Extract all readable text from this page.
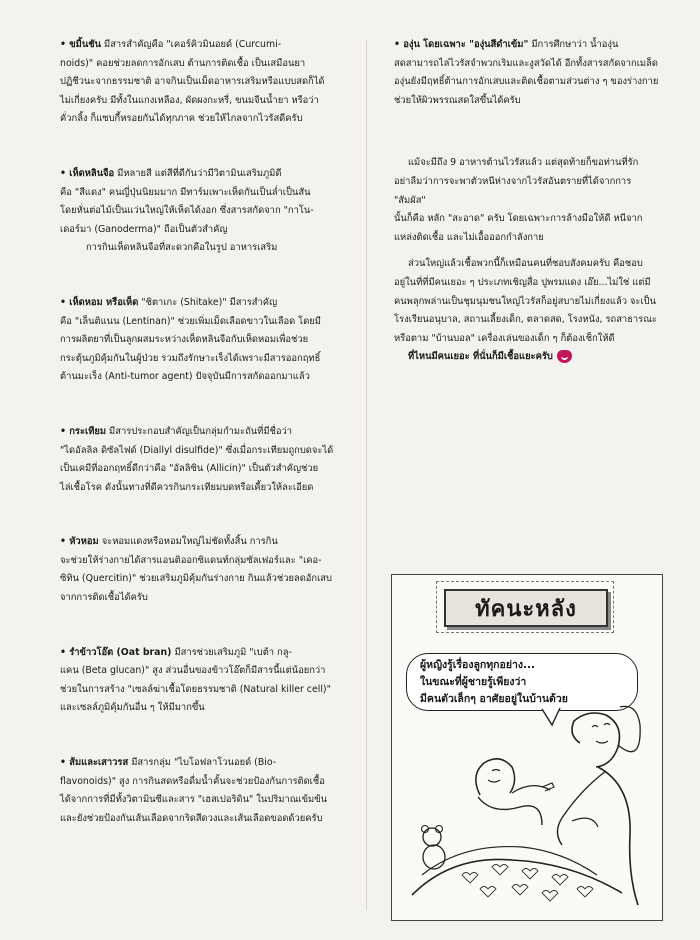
• ขมิ้นชัน มีสารสำคัญคือ "เคอร์คิวมินอยด์ (Curcumi-

noids)" คอยช่วยลดการอักเสบ ต้านการติดเชื้อ เป็นเสมือนยา

ปฏิชีวนะจากธรรมชาติ อาจกินเป็นเม็ดอาหารเสริมหรือแบบสดก็ได้

ไม่เกี่ยงครับ มีทั้งในแกงเหลือง, ผัดผงกะหรี่, ขนมจีนน้ำยา หรือว่า

คั่วกลิ้ง ก็แซบกี้หรอยกันได้ทุกภาค ช่วยให้ไกลจากไวรัสดีครับ

• เห็ดหลินจือ มีหลายสี แต่สีที่ดีกันว่ามีวิตามินเสริมภูมิดี

คือ "สีแดง" คนญี่ปุ่นนิยมมาก มีทาร์มเพาะเห็ดกันเป็นล่ำเป็นสัน

โดยหั่นต่อไม้เป็นแว่นใหญ่ให้เห็ดได้งอก ซึ่งสารสกัดจาก "กาโน-

เดอร์มา (Ganoderma)" ถือเป็นตัวสำคัญ

การกินเห็ดหลินจือที่สะดวกคือในรูป อาหารเสริม

• เห็ดหอม หรือเห็ด "ชิตาเกะ (Shitake)" มีสารสำคัญ

คือ "เล็นติแนน (Lentinan)" ช่วยเพิ่มเม็ดเลือดขาวในเลือด โดยมี

การผลิตยาที่เป็นลูกผสมระหว่างเห็ดหลินจือกับเห็ดหอมเพื่อช่วย

กระตุ้นภูมิคุ้มกันในผู้ป่วย รวมถึงรักษาะเร็งได้เพราะมีสารออกฤทธิ์

ต้านมะเร็ง (Anti-tumor agent) ปัจจุบันมีการสกัดออกมาแล้ว

• กระเทียม มีสารประกอบสำคัญเป็นกลุ่มกำมะถันที่มีชื่อว่า

"ไดอัลลิล ดิซัลไฟด์ (Diallyl disulfide)" ซึ่งเมื่อกระเทียมถูกบดจะได้

เป็นเคมีที่ออกฤทธิ์ดีกว่าคือ "อัลลิซิน (Allicin)" เป็นตัวสำคัญช่วย

ไล่เชื้อโรค ดังนั้นทางที่ดีควรกินกระเทียมบดหรือเคี้ยวให้ละเอียด

• หัวหอม จะหอมแดงหรือหอมใหญ่ไม่ชัดทั้งสิ้น การกิน

จะช่วยให้ร่างกายได้สารแอนติออกซิแดนท์กลุ่มซัลเฟอร์และ "เคอ-

ซิทิน (Quercitin)" ช่วยเสริมภูมิคุ้มกันร่างกาย กินแล้วช่วยลดอักเสบ

จากการติดเชื้อได้ครับ

• รำข้าวโอ๊ต (Oat bran) มีสารช่วยเสริมภูมิ "เบต้า กลู-

แคน (Beta glucan)" สูง ส่วนอื่นของข้าวโอ๊ตก็มีสารนี้แต่น้อยกว่า

ช่วยในการสร้าง "เซลล์ฆ่าเชื้อโดยธรรมชาติ (Natural killer cell)"

และเซลล์ภูมิคุ้มกันอื่น ๆ ให้มีมากขึ้น

• ส้มและเสาวรส มีสารกลุ่ม "ไบโอฟลาโวนอยด์ (Bio-

flavonoids)" สูง การกินสดหรือดื่มน้ำคั้นจะช่วยป้องกันการติดเชื้อ

ได้จากการที่มีทั้งวิตามินซีและสาร "เฮสเปอริดิน" ในปริมาณเข้มข้น

และยังช่วยป้องกันเส้นเลือดจากริดสีดวงและเส้นเลือดขอดด้วยครับ

• องุ่น โดยเฉพาะ "องุ่นสีดำเข้ม" มีการศึกษาว่า น้ำองุ่น

สดสามารถไล่ไวรัสจำพวกเริมและงูสวัดได้ อีกทั้งสารสกัดจากเมล็ด

องุ่นยังมีฤทธิ์ต้านการอักเสบและติดเชื้อตามส่วนต่าง ๆ ของร่างกาย

ช่วยให้ผิวพรรณสดใสขึ้นได้ครับ

แม้จะมีถึง 9 อาหารต้านไวรัสแล้ว แต่สุดท้ายก็ขอท่านที่รัก

อย่าลืมว่าการจะพาตัวหนีห่างจากไวรัสอันตรายที่ได้จากการ "สัมผัส"

นั้นก็คือ หลัก "สะอาด" ครับ โดยเฉพาะการล้างมือให้ดี หนีจาก

แหล่งติดเชื้อ และไม่เอื้อออกกำลังกาย

ส่วนใหญ่แล้วเชื้อพวกนี้ก็เหมือนคนที่ชอบสังคมครับ คือชอบ

อยู่ในที่ที่มีคนเยอะ ๆ ประเภทเชิญสื่อ ปูพรมแดง เอ๊ย...ไม่ใช่ แต่มี

คนพลุกพล่านเป็นชุมนุมชนใหญ่ไวรัสก็อยู่สบายไม่เกี่ยงแล้ว จะเป็น

โรงเรียนอนุบาล, สถานเลี้ยงเด็ก, ตลาดสด, โรงหนัง, รถสาธารณะ

หรือตาม "บ้านบอล" เครื่องเล่นของเด็ก ๆ ก็ต้องเช็กให้ดี

ที่ไหนมีคนเยอะ ที่นั่นก็มีเชื้อแยะครับ

ทัคนะหลัง
ผู้หญิงรู้เรื่องลูกทุกอย่าง...
ในขณะที่ผู้ชายรู้เพียงว่า
มีคนตัวเล็กๆ อาศัยอยู่ในบ้านด้วย
